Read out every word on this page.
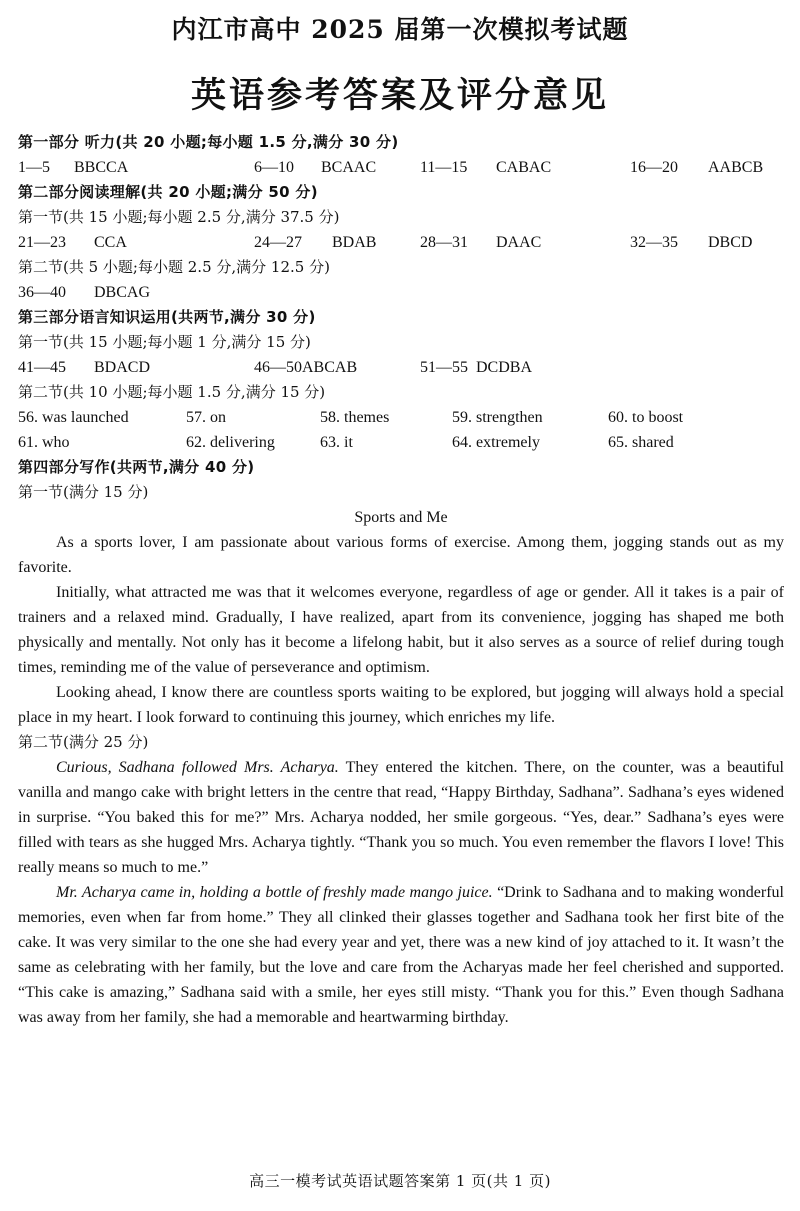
内江市高中 2025 届第一次模拟考试题
英语参考答案及评分意见
第一部分 听力(共 20 小题;每小题 1.5 分,满分 30 分)
1—5 BBCCA	6—10 BCAAC	11—15 CABAC	16—20 AABCB
第二部分阅读理解(共 20 小题;满分 50 分)
第一节(共 15 小题;每小题 2.5 分,满分 37.5 分)
21—23 CCA	24—27 BDAB	28—31 DAAC	32—35 DBCD
第二节(共 5 小题;每小题 2.5 分,满分 12.5 分)
36—40 DBCAG
第三部分语言知识运用(共两节,满分 30 分)
第一节(共 15 小题;每小题 1 分,满分 15 分)
41—45 BDACD	46—50 ABCAB	51—55 DCDBA
第二节(共 10 小题;每小题 1.5 分,满分 15 分)
56. was launched	57. on	58. themes	59. strengthen	60. to boost
61. who	62. delivering	63. it	64. extremely	65. shared
第四部分写作(共两节,满分 40 分)
第一节(满分 15 分)
Sports and Me

As a sports lover, I am passionate about various forms of exercise. Among them, jogging stands out as my favorite.

Initially, what attracted me was that it welcomes everyone, regardless of age or gender. All it takes is a pair of trainers and a relaxed mind. Gradually, I have realized, apart from its convenience, jogging has shaped me both physically and mentally. Not only has it become a lifelong habit, but it also serves as a source of relief during tough times, reminding me of the value of perseverance and optimism.

Looking ahead, I know there are countless sports waiting to be explored, but jogging will always hold a special place in my heart. I look forward to continuing this journey, which enriches my life.

第二节(满分 25 分)

Curious, Sadhana followed Mrs. Acharya. They entered the kitchen. There, on the counter, was a beautiful vanilla and mango cake with bright letters in the centre that read, “Happy Birthday, Sadhana”. Sadhana’s eyes widened in surprise. “You baked this for me?” Mrs. Acharya nodded, her smile gorgeous. “Yes, dear.” Sadhana’s eyes were filled with tears as she hugged Mrs. Acharya tightly. “Thank you so much. You even remember the flavors I love! This really means so much to me.”

Mr. Acharya came in, holding a bottle of freshly made mango juice. “Drink to Sadhana and to making wonderful memories, even when far from home.” They all clinked their glasses together and Sadhana took her first bite of the cake. It was very similar to the one she had every year and yet, there was a new kind of joy attached to it. It wasn’t the same as celebrating with her family, but the love and care from the Acharyas made her feel cherished and supported. “This cake is amazing,” Sadhana said with a smile, her eyes still misty. “Thank you for this.” Even though Sadhana was away from her family, she had a memorable and heartwarming birthday.

高三一模考试英语试题答案第 1 页(共 1 页)
